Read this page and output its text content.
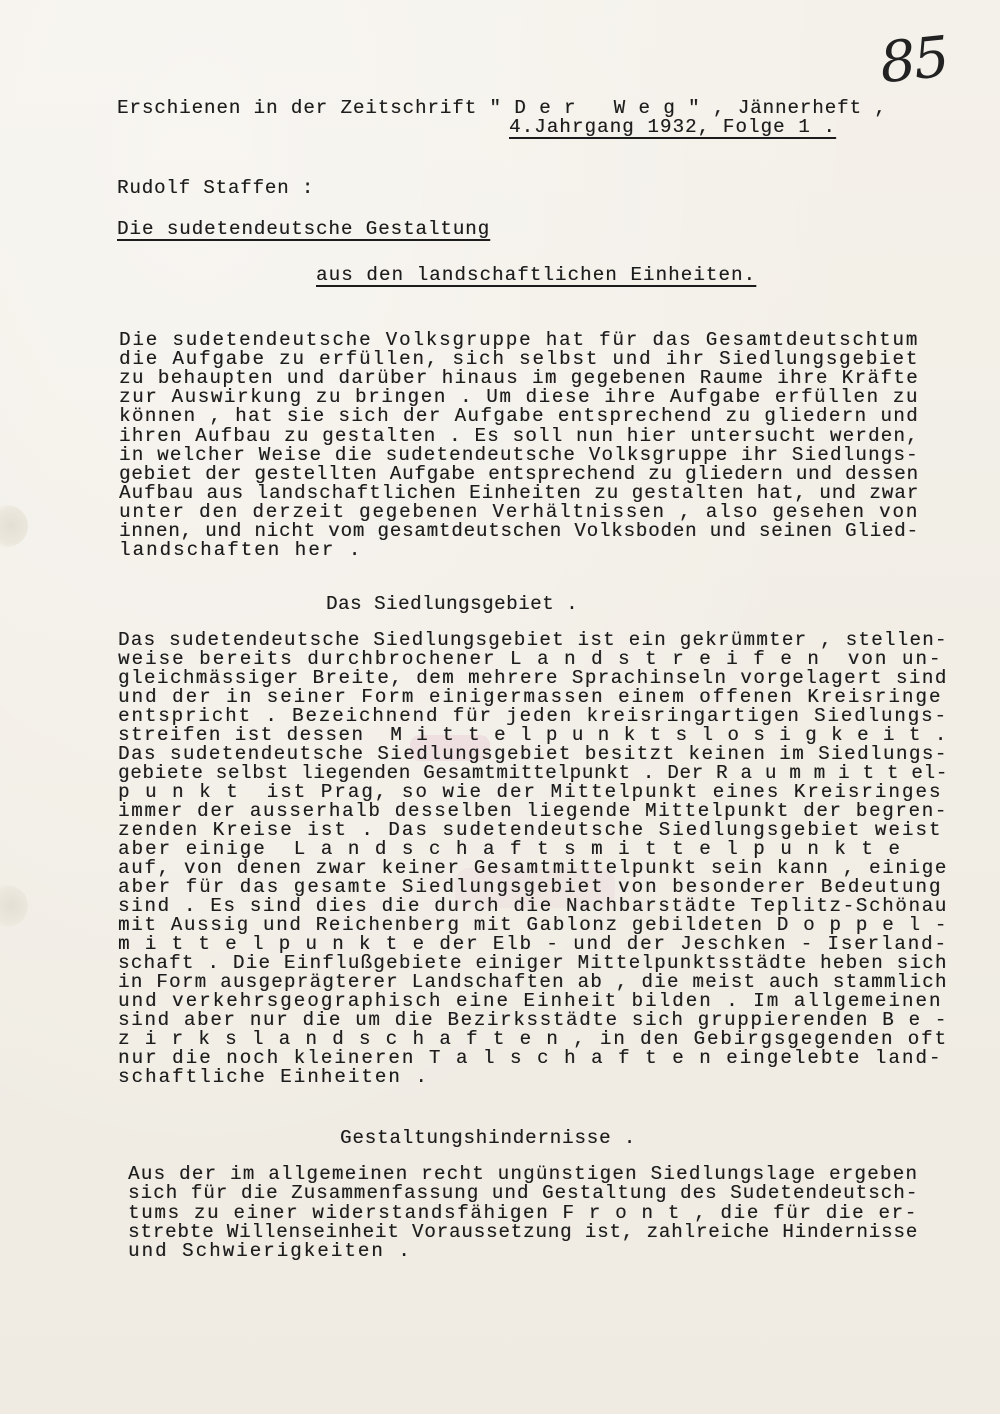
85
Erschienen in der Zeitschrift " D e r   W e g " , Jännerheft ,
4.Jahrgang 1932, Folge 1 .
Rudolf Staffen :
Die sudetendeutsche Gestaltung
aus den landschaftlichen Einheiten.
Die sudetendeutsche Volksgruppe hat für das Gesamtdeutschtum
die Aufgabe zu erfüllen, sich selbst und ihr Siedlungsgebiet
zu behaupten und darüber hinaus im gegebenen Raume ihre Kräfte
zur Auswirkung zu bringen . Um diese ihre Aufgabe erfüllen zu
können , hat sie sich der Aufgabe entsprechend zu gliedern und
ihren Aufbau zu gestalten . Es soll nun hier untersucht werden,
in welcher Weise die sudetendeutsche Volksgruppe ihr Siedlungs-
gebiet der gestellten Aufgabe entsprechend zu gliedern und dessen
Aufbau aus landschaftlichen Einheiten zu gestalten hat, und zwar
unter den derzeit gegebenen Verhältnissen , also gesehen von
innen, und nicht vom gesamtdeutschen Volksboden und seinen Glied-
landschaften her .
Das Siedlungsgebiet .
Das sudetendeutsche Siedlungsgebiet ist ein gekrümmter , stellen-
weise bereits durchbrochener L a n d s t r e i f e n  von un-
gleichmässiger Breite, dem mehrere Sprachinseln vorgelagert sind
und der in seiner Form einigermassen einem offenen Kreisringe
entspricht . Bezeichnend für jeden kreisringartigen Siedlungs-
streifen ist dessen  M i t t e l p u n k t s l o s i g k e i t .
Das sudetendeutsche Siedlungsgebiet besitzt keinen im Siedlungs-
gebiete selbst liegenden Gesamtmittelpunkt . Der R a u m m i t t el-
p u n k t  ist Prag, so wie der Mittelpunkt eines Kreisringes
immer der ausserhalb desselben liegende Mittelpunkt der begren-
zenden Kreise ist . Das sudetendeutsche Siedlungsgebiet weist
aber einige  L a n d s c h a f t s m i t t e l p u n k t e
auf, von denen zwar keiner Gesamtmittelpunkt sein kann , einige
aber für das gesamte Siedlungsgebiet von besonderer Bedeutung
sind . Es sind dies die durch die Nachbarstädte Teplitz-Schönau
mit Aussig und Reichenberg mit Gablonz gebildeten D o p p e l -
m i t t e l p u n k t e der Elb - und der Jeschken - Iserland-
schaft . Die Einflußgebiete einiger Mittelpunktsstädte heben sich
in Form ausgeprägterer Landschaften ab , die meist auch stammlich
und verkehrsgeographisch eine Einheit bilden . Im allgemeinen
sind aber nur die um die Bezirksstädte sich gruppierenden B e -
z i r k s l a n d s c h a f t e n , in den Gebirgsgegenden oft
nur die noch kleineren T a l s c h a f t e n eingelebte land-
schaftliche Einheiten .
Gestaltungshindernisse .
Aus der im allgemeinen recht ungünstigen Siedlungslage ergeben
sich für die Zusammenfassung und Gestaltung des Sudetendeutsch-
tums zu einer widerstandsfähigen F r o n t , die für die er-
strebte Willenseinheit Voraussetzung ist, zahlreiche Hindernisse
und Schwierigkeiten .
